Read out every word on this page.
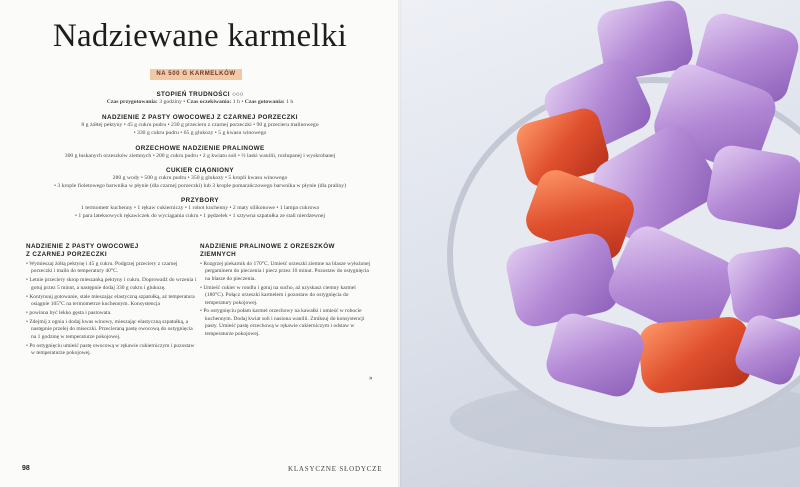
Nadziewane karmelki
NA 500 G KARMELKÓW
STOPIEŃ TRUDNOŚCI ○○○
Czas przygotowania: 3 godziny • Czas oczekiwania: 1 h • Czas gotowania: 1 h
NADZIENIE Z PASTY OWOCOWEJ Z CZARNEJ PORZECZKI
8 g żółtej pektyny • 45 g cukru pudru • 230 g przecieru z czarnej porzeczki • 90 g przecieru malinowego
• 330 g cukru pudru • 65 g glukozy • 5 g kwasu winowego
ORZECHOWE NADZIENIE PRALINOWE
300 g łuskanych orzeszków ziemnych • 200 g cukru pudru • 2 g kwiatu soli • ½ laski wanilii, rozłupanej i wyskrobanej
CUKIER CIĄGNIONY
280 g wody • 500 g cukru pudru • 350 g glukozy • 5 kropli kwasu winowego
• 3 krople fioletowego barwnika w płynie (dla czarnej porzeczki) lub 3 krople pomarańczowego barwnika w płynie (dla praliny)
PRZYBORY
1 termometr kuchenny • 1 rękaw cukierniczy • 1 robot kuchenny • 2 maty silikonowe • 1 lampa cukrowa
• 1 para lateksowych rękawiczek do wyciągania cukru • 1 pędzelek • 1 sztywna szpatułka ze stali nierdzewnej
NADZIENIE Z PASTY OWOCOWEJ
Z CZARNEJ PORZECZKI
• Wymieszaj żółtą pektynę i 45 g cukru. Podgrzej przeciery z czarnej porzeczki i malin do temperatury 40°C.
• Letnie przeciery skrop mieszanką pektyny i cukru. Doprowadź do wrzenia i gotuj przez 5 minut, a następnie dodaj 330 g cukru i glukozę.
• Kontynuuj gotowanie, stale mieszając elastyczną szpatułką, aż temperatura osiągnie 105°C na termometrze kuchennym. Konsystencja
• powinna być lekko gęsta i pastowata.
• Zdejmij z ognia i dodaj kwas winowy, mieszając elastyczną szpatułką, a następnie przelej do miseczki. Przecieraną pastę owocową do ostygnięcia na 1 godzinę w temperaturze pokojowej.
• Po ostygnięciu umieść pastę owocową w rękawie cukierniczym i pozostaw w temperaturze pokojowej.
NADZIENIE PRALINOWE Z ORZESZKÓW ZIEMNYCH
• Rozgrzej piekarnik do 170°C. Umieść orzeszki ziemne na blasze wyłożonej pergaminem do pieczenia i piecz przez 10 minut. Pozostaw do ostygnięcia na blasze do pieczenia.
• Umieść cukier w rondlu i gotuj na sucho, aż uzyskasz ciemny karmel (180°C). Połącz orzeszki karmelem i pozostaw do ostygnięcia do temperatury pokojowej.
• Po ostygnięciu połam karmel orzechowy na kawałki i umieść w robocie kuchennym. Dodaj kwiat soli i nasiona wanilii. Zmiksuj do konsystencji pasty. Umieść pastę orzechową w rękawie cukierniczym i odstaw w temperaturze pokojowej.
»
98	KLASYCZNE SŁODYCZE
